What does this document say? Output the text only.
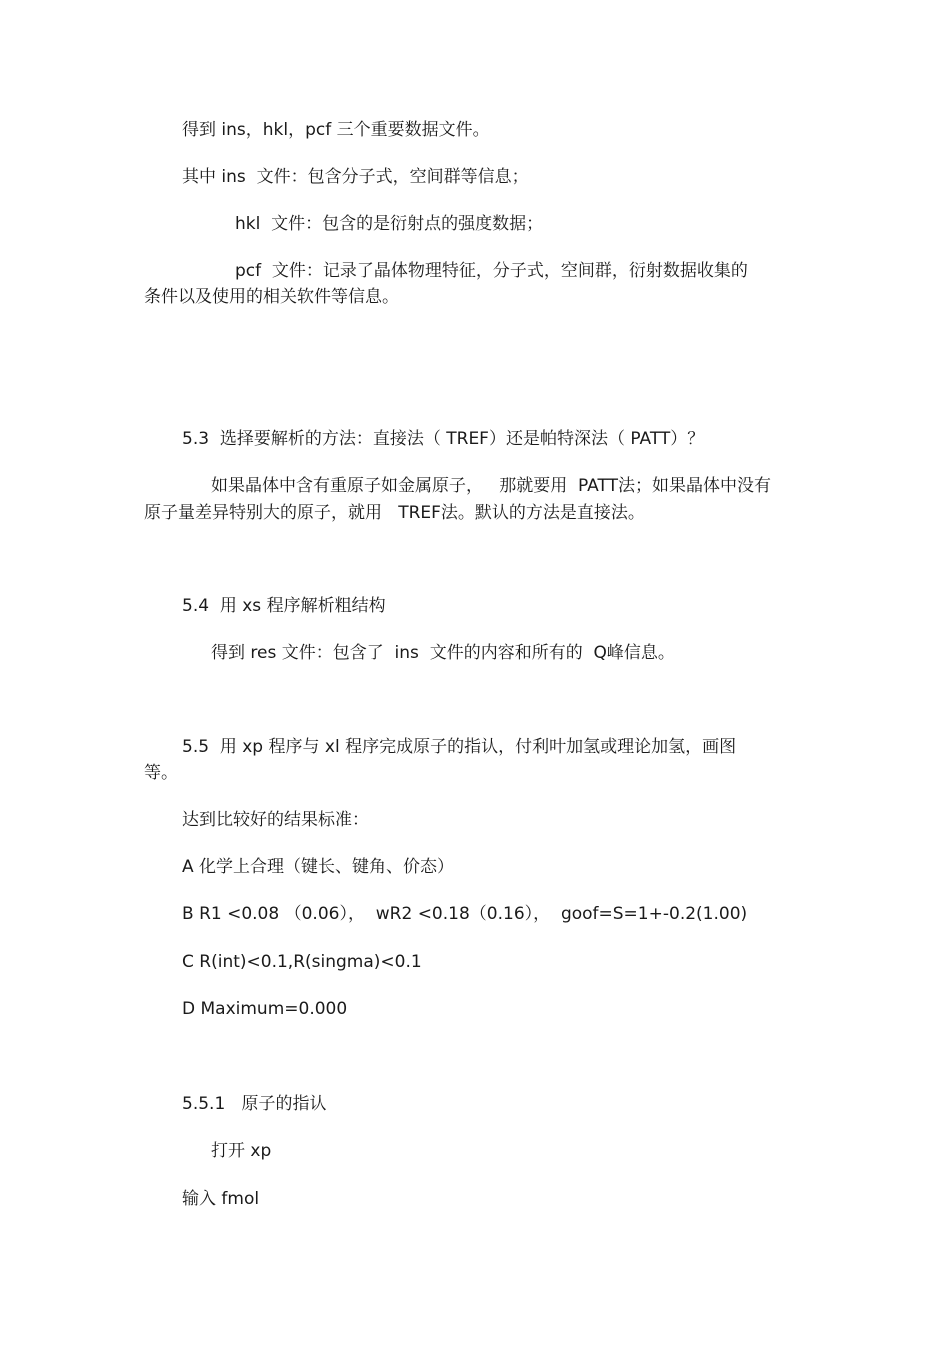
得到 ins，hkl，pcf 三个重要数据文件。
其中 ins  文件：包含分子式，空间群等信息；
hkl  文件：包含的是衍射点的强度数据；
pcf  文件：记录了晶体物理特征，分子式，空间群，衍射数据收集的
条件以及使用的相关软件等信息。
5.3  选择要解析的方法：直接法（ TREF）还是帕特深法（ PATT）？
如果晶体中含有重原子如金属原子，   那就要用  PATT法；如果晶体中没有
原子量差异特别大的原子，就用   TREF法。默认的方法是直接法。
5.4  用 xs 程序解析粗结构
得到 res 文件：包含了  ins  文件的内容和所有的  Q峰信息。
5.5  用 xp 程序与 xl 程序完成原子的指认，付利叶加氢或理论加氢，画图
等。
达到比较好的结果标准：
A 化学上合理（键长、键角、价态）
B R1 <0.08 （0.06），  wR2 <0.18（0.16），  goof=S=1+-0.2(1.00)
C R(int)<0.1,R(singma)<0.1
D Maximum=0.000
5.5.1   原子的指认
打开 xp
输入 fmol
